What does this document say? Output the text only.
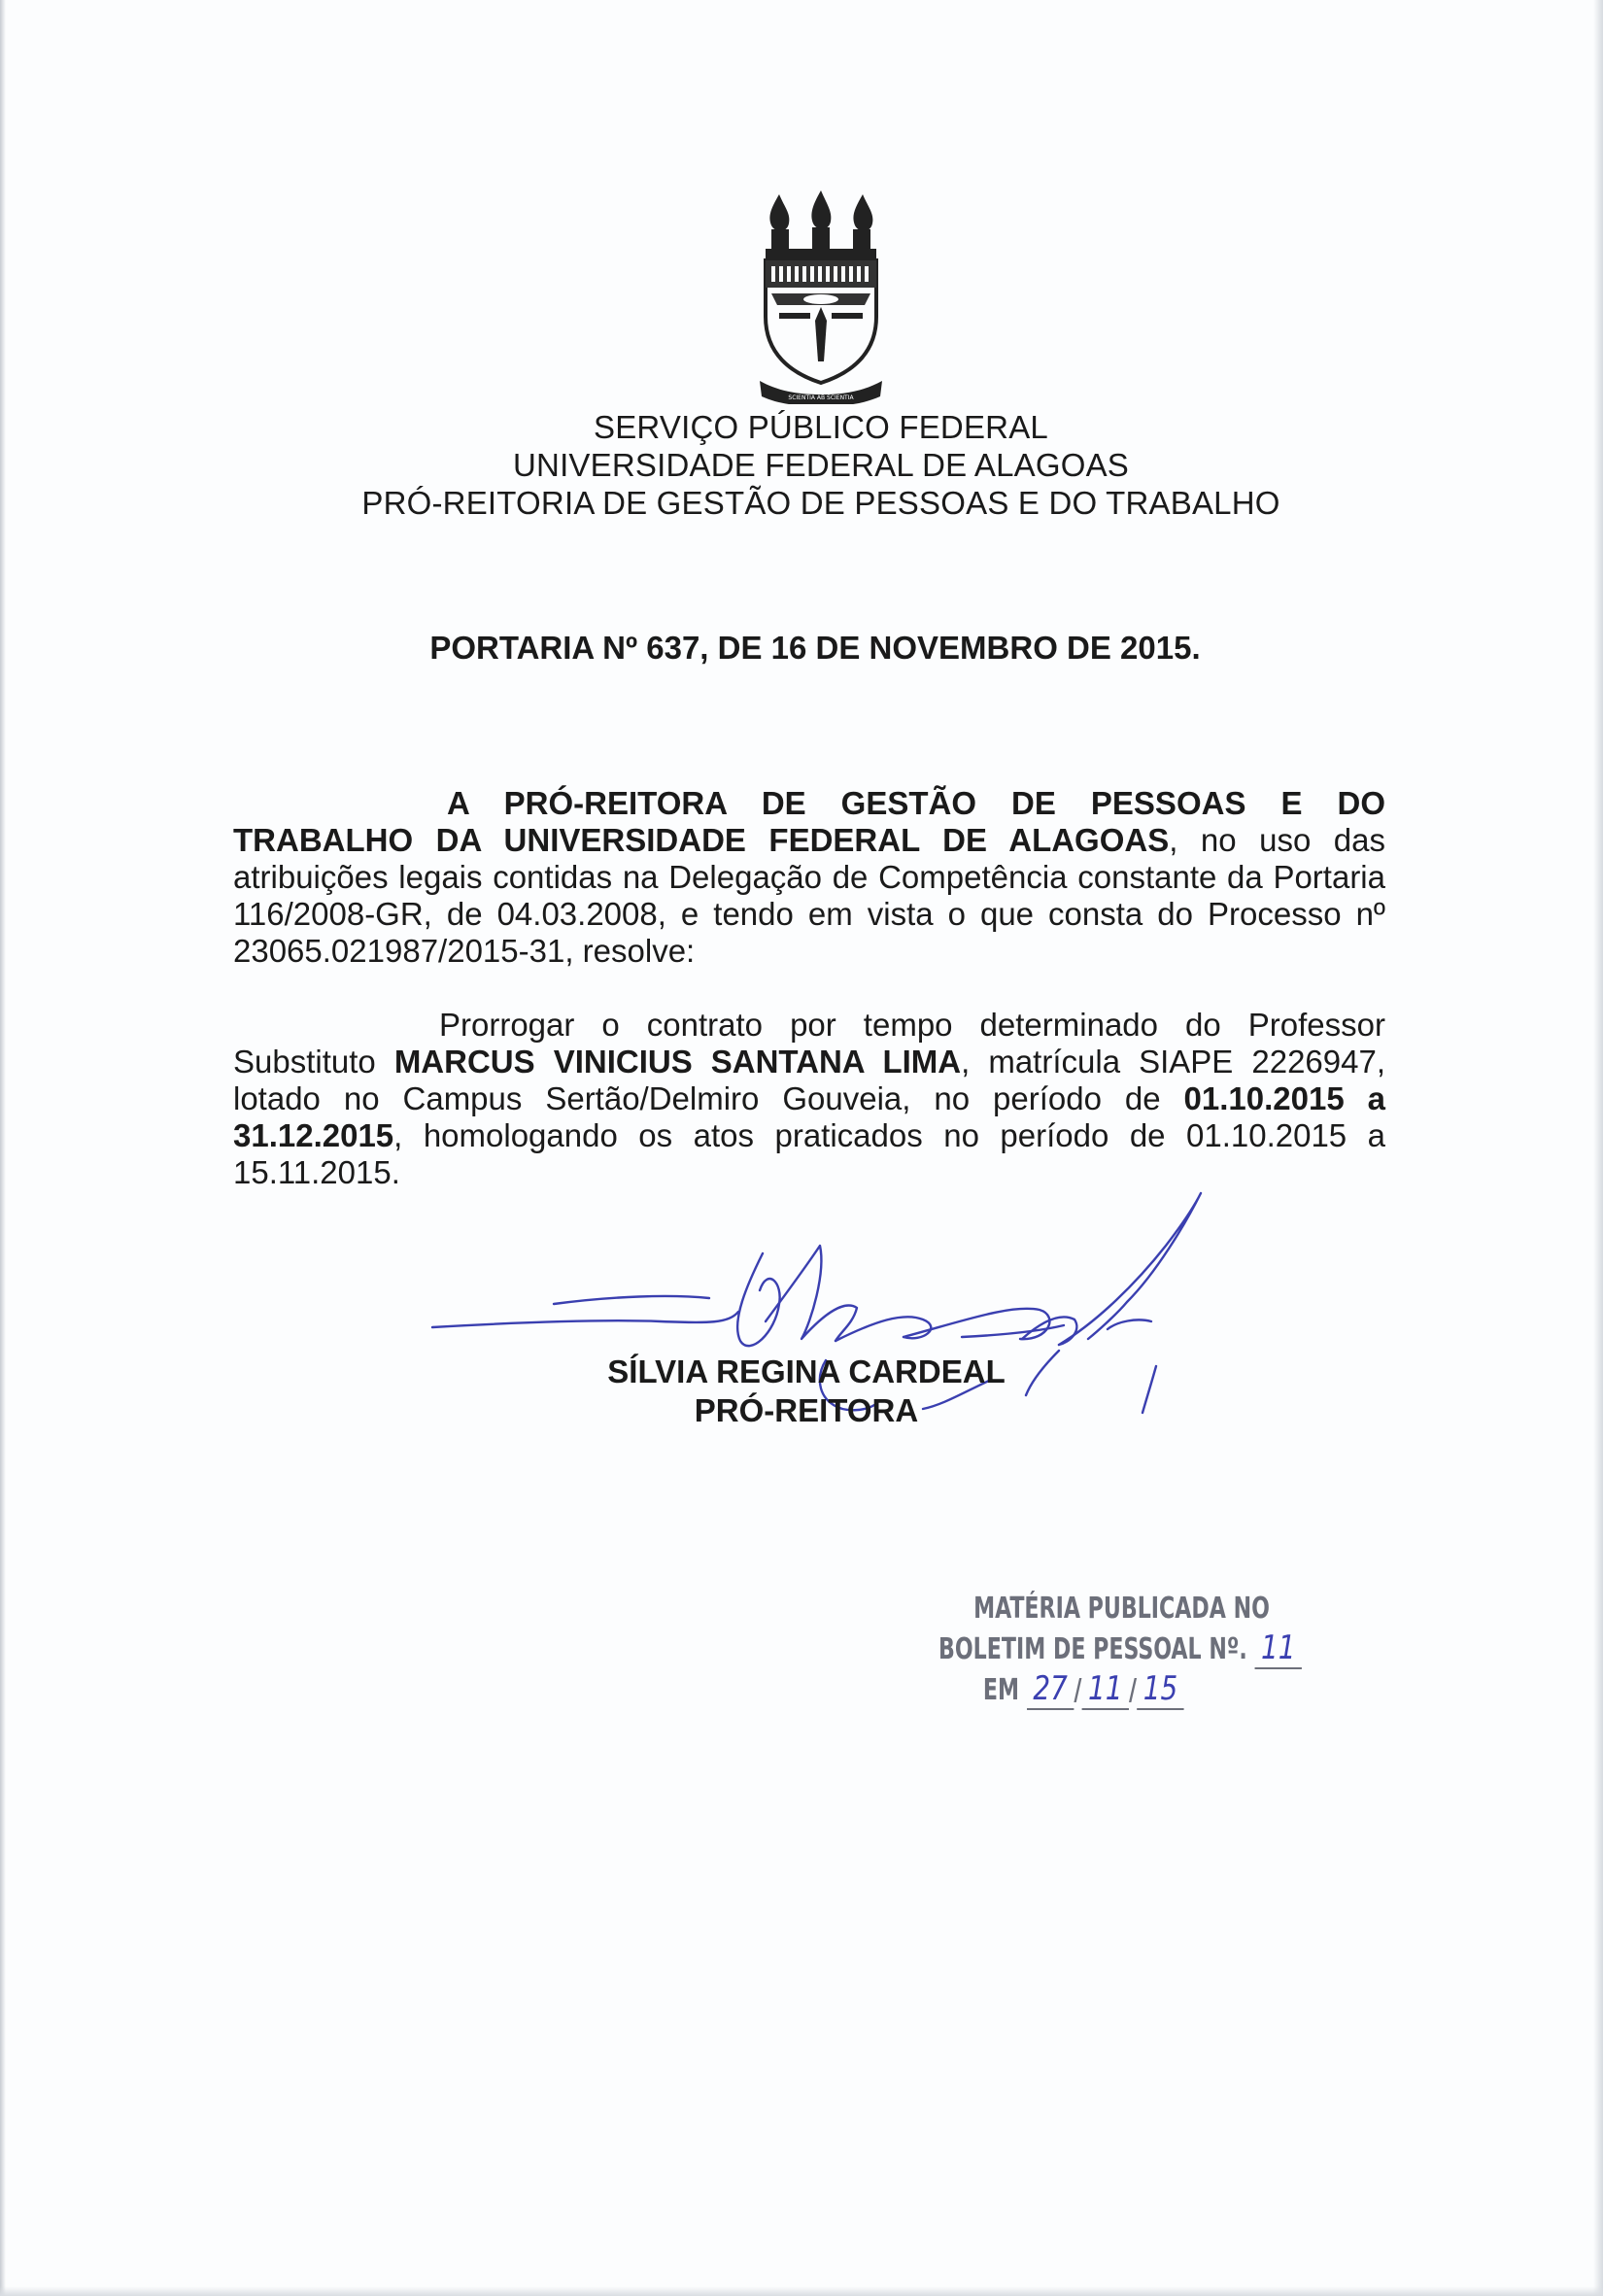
SCIENTIA AB SCIENTIA
SERVIÇO PÚBLICO FEDERAL
UNIVERSIDADE FEDERAL DE ALAGOAS
PRÓ-REITORIA DE GESTÃO DE PESSOAS E DO TRABALHO
PORTARIA Nº 637, DE 16 DE NOVEMBRO DE 2015.

A PRÓ-REITORA DE GESTÃO DE PESSOAS E DO TRABALHO DA UNIVERSIDADE FEDERAL DE ALAGOAS, no uso das atribuições legais contidas na Delegação de Competência constante da Portaria 116/2008-GR, de 04.03.2008, e tendo em vista o que consta do Processo nº 23065.021987/2015-31, resolve:

Prorrogar o contrato por tempo determinado do Professor Substituto MARCUS VINICIUS SANTANA LIMA, matrícula SIAPE 2226947, lotado no Campus Sertão/Delmiro Gouveia, no período de 01.10.2015 a 31.12.2015, homologando os atos praticados no período de 01.10.2015 a 15.11.2015.

SÍLVIA REGINA CARDEAL
PRÓ-REITORA
MATÉRIA PUBLICADA NO
BOLETIM DE PESSOAL Nº. 11
EM 27 / 11 / 15
